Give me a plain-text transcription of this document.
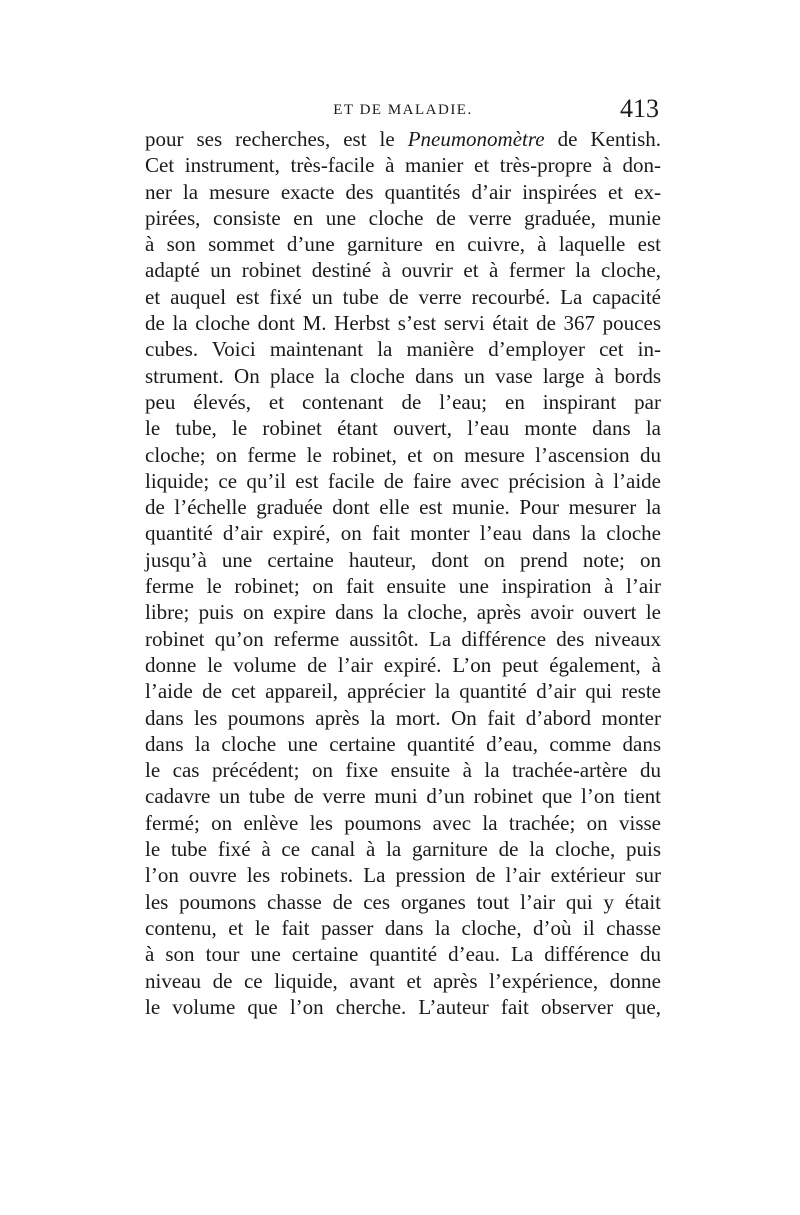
ET DE MALADIE.	413
pour ses recherches, est le Pneumonomètre de Kentish.
Cet instrument, très-facile à manier et très-propre à don-
ner la mesure exacte des quantités d’air inspirées et ex-
pirées, consiste en une cloche de verre graduée, munie
à son sommet d’une garniture en cuivre, à laquelle est
adapté un robinet destiné à ouvrir et à fermer la cloche,
et auquel est fixé un tube de verre recourbé. La capacité
de la cloche dont M. Herbst s’est servi était de 367 pouces
cubes. Voici maintenant la manière d’employer cet in-
strument. On place la cloche dans un vase large à bords
peu élevés, et contenant de l’eau; en inspirant par
le tube, le robinet étant ouvert, l’eau monte dans la
cloche; on ferme le robinet, et on mesure l’ascension du
liquide; ce qu’il est facile de faire avec précision à l’aide
de l’échelle graduée dont elle est munie. Pour mesurer la
quantité d’air expiré, on fait monter l’eau dans la cloche
jusqu’à une certaine hauteur, dont on prend note; on
ferme le robinet; on fait ensuite une inspiration à l’air
libre; puis on expire dans la cloche, après avoir ouvert le
robinet qu’on referme aussitôt. La différence des niveaux
donne le volume de l’air expiré. L’on peut également, à
l’aide de cet appareil, apprécier la quantité d’air qui reste
dans les poumons après la mort. On fait d’abord monter
dans la cloche une certaine quantité d’eau, comme dans
le cas précédent; on fixe ensuite à la trachée-artère du
cadavre un tube de verre muni d’un robinet que l’on tient
fermé; on enlève les poumons avec la trachée; on visse
le tube fixé à ce canal à la garniture de la cloche, puis
l’on ouvre les robinets. La pression de l’air extérieur sur
les poumons chasse de ces organes tout l’air qui y était
contenu, et le fait passer dans la cloche, d’où il chasse
à son tour une certaine quantité d’eau. La différence du
niveau de ce liquide, avant et après l’expérience, donne
le volume que l’on cherche. L’auteur fait observer que,
